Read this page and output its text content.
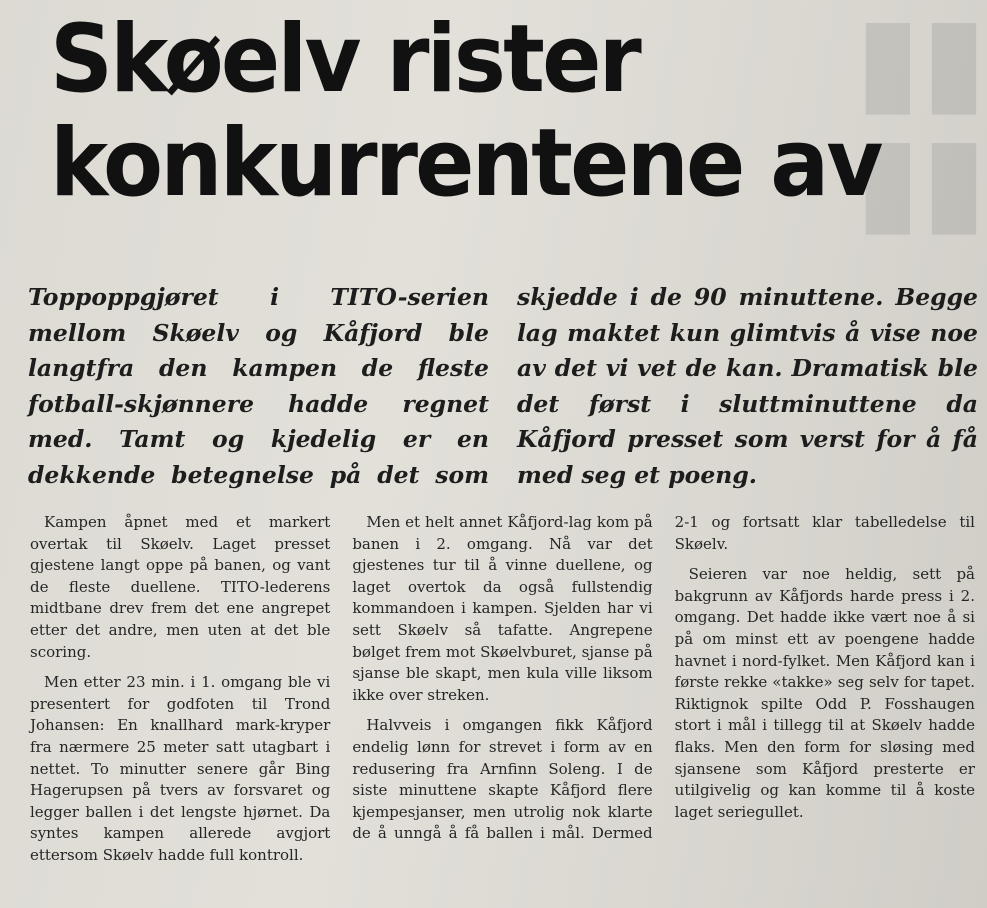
▮▮
▮▮
Skøelv rister
konkurrentene av
Toppoppgjøret i TITO-serien mellom Skøelv og Kåfjord ble langtfra den kampen de fleste fotball-skjønnere hadde regnet med. Tamt og kjedelig er en dekkende betegnelse på det som skjedde i de 90 minuttene. Begge lag maktet kun glimtvis å vise noe av det vi vet de kan. Dramatisk ble det først i sluttminuttene da Kåfjord presset som verst for å få med seg et poeng.

Kampen åpnet med et markert overtak til Skøelv. Laget presset gjestene langt oppe på banen, og vant de fleste duellene. TITO-lederens midtbane drev frem det ene angrepet etter det andre, men uten at det ble scoring.

Men etter 23 min. i 1. omgang ble vi presentert for godfoten til Trond Johansen: En knallhard mark-kryper fra nærmere 25 meter satt utagbart i nettet. To minutter senere går Bing Hagerupsen på tvers av forsvaret og legger ballen i det lengste hjørnet. Da syntes kampen allerede avgjort ettersom Skøelv hadde full kontroll.

Men et helt annet Kåfjord-lag kom på banen i 2. omgang. Nå var det gjestenes tur til å vinne duellene, og laget overtok da også fullstendig kommandoen i kampen. Sjelden har vi sett Skøelv så tafatte. Angrepene bølget frem mot Skøelvburet, sjanse på sjanse ble skapt, men kula ville liksom ikke over streken.

Halvveis i omgangen fikk Kåfjord endelig lønn for strevet i form av en redusering fra Arnfinn Soleng. I de siste minuttene skapte Kåfjord flere kjempesjanser, men utrolig nok klarte de å unngå å få ballen i mål. Dermed 2-1 og fortsatt klar tabelledelse til Skøelv.

Seieren var noe heldig, sett på bakgrunn av Kåfjords harde press i 2. omgang. Det hadde ikke vært noe å si på om minst ett av poengene hadde havnet i nord-fylket. Men Kåfjord kan i første rekke «takke» seg selv for tapet. Riktignok spilte Odd P. Fosshaugen stort i mål i tillegg til at Skøelv hadde flaks. Men den form for sløsing med sjansene som Kåfjord presterte er utilgivelig og kan komme til å koste laget seriegullet.
